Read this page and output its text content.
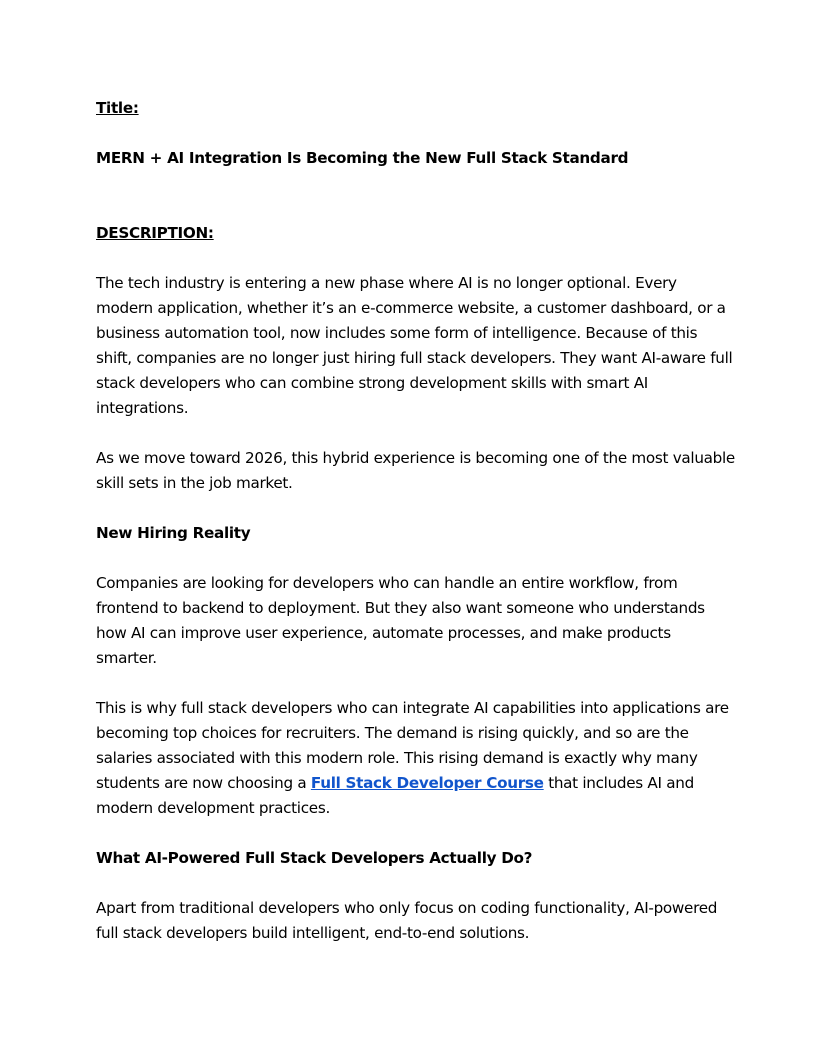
Title:

MERN + AI Integration Is Becoming the New Full Stack Standard

DESCRIPTION:

The tech industry is entering a new phase where AI is no longer optional. Every modern application, whether it’s an e-commerce website, a customer dashboard, or a business automation tool, now includes some form of intelligence. Because of this shift, companies are no longer just hiring full stack developers. They want AI-aware full stack developers who can combine strong development skills with smart AI integrations.

As we move toward 2026, this hybrid experience is becoming one of the most valuable skill sets in the job market.

New Hiring Reality

Companies are looking for developers who can handle an entire workflow, from frontend to backend to deployment. But they also want someone who understands how AI can improve user experience, automate processes, and make products smarter.

This is why full stack developers who can integrate AI capabilities into applications are becoming top choices for recruiters. The demand is rising quickly, and so are the salaries associated with this modern role. This rising demand is exactly why many students are now choosing a Full Stack Developer Course that includes AI and modern development practices.

What AI-Powered Full Stack Developers Actually Do?

Apart from traditional developers who only focus on coding functionality, AI-powered full stack developers build intelligent, end-to-end solutions.
